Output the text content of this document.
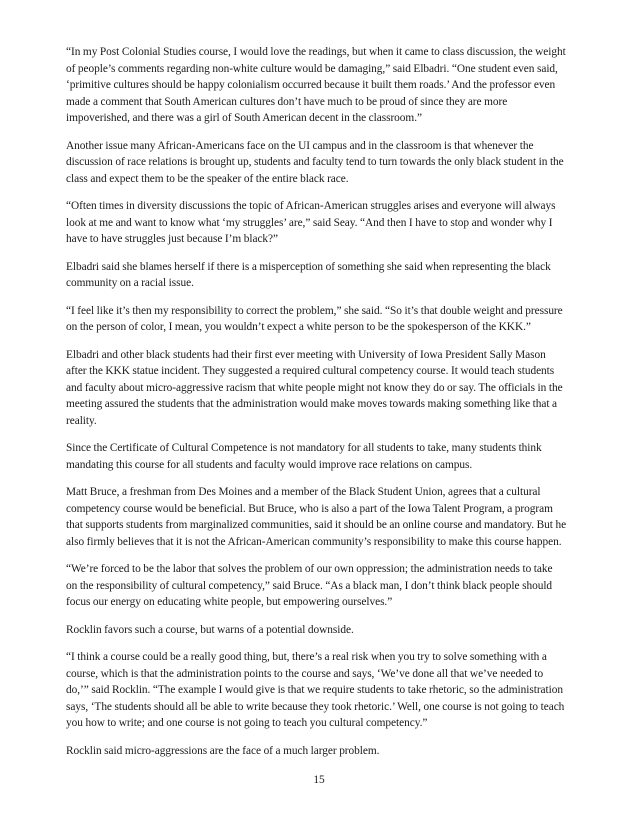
“In my Post Colonial Studies course, I would love the readings, but when it came to class discussion, the weight
of people’s comments regarding non-white culture would be damaging,” said Elbadri. “One student even said,
‘primitive cultures should be happy colonialism occurred because it built them roads.’ And the professor even
made a comment that South American cultures don’t have much to be proud of since they are more
impoverished, and there was a girl of South American decent in the classroom.”
Another issue many African-Americans face on the UI campus and in the classroom is that whenever the
discussion of race relations is brought up, students and faculty tend to turn towards the only black student in the
class and expect them to be the speaker of the entire black race.
“Often times in diversity discussions the topic of African-American struggles arises and everyone will always
look at me and want to know what ‘my struggles’ are,” said Seay. “And then I have to stop and wonder why I
have to have struggles just because I’m black?”
Elbadri said she blames herself if there is a misperception of something she said when representing the black
community on a racial issue.
“I feel like it’s then my responsibility to correct the problem,” she said. “So it’s that double weight and pressure
on the person of color, I mean, you wouldn’t expect a white person to be the spokesperson of the KKK.”
Elbadri and other black students had their first ever meeting with University of Iowa President Sally Mason
after the KKK statue incident. They suggested a required cultural competency course. It would teach students
and faculty about micro-aggressive racism that white people might not know they do or say. The officials in the
meeting assured the students that the administration would make moves towards making something like that a
reality.
Since the Certificate of Cultural Competence is not mandatory for all students to take, many students think
mandating this course for all students and faculty would improve race relations on campus.
Matt Bruce, a freshman from Des Moines and a member of the Black Student Union, agrees that a cultural
competency course would be beneficial. But Bruce, who is also a part of the Iowa Talent Program, a program
that supports students from marginalized communities, said it should be an online course and mandatory. But he
also firmly believes that it is not the African-American community’s responsibility to make this course happen.
“We’re forced to be the labor that solves the problem of our own oppression; the administration needs to take
on the responsibility of cultural competency,” said Bruce. “As a black man, I don’t think black people should
focus our energy on educating white people, but empowering ourselves.”
Rocklin favors such a course, but warns of a potential downside.
“I think a course could be a really good thing, but, there’s a real risk when you try to solve something with a
course, which is that the administration points to the course and says, ‘We’ve done all that we’ve needed to
do,’” said Rocklin. “The example I would give is that we require students to take rhetoric, so the administration
says, ‘The students should all be able to write because they took rhetoric.’ Well, one course is not going to teach
you how to write; and one course is not going to teach you cultural competency.”
Rocklin said micro-aggressions are the face of a much larger problem.
15
